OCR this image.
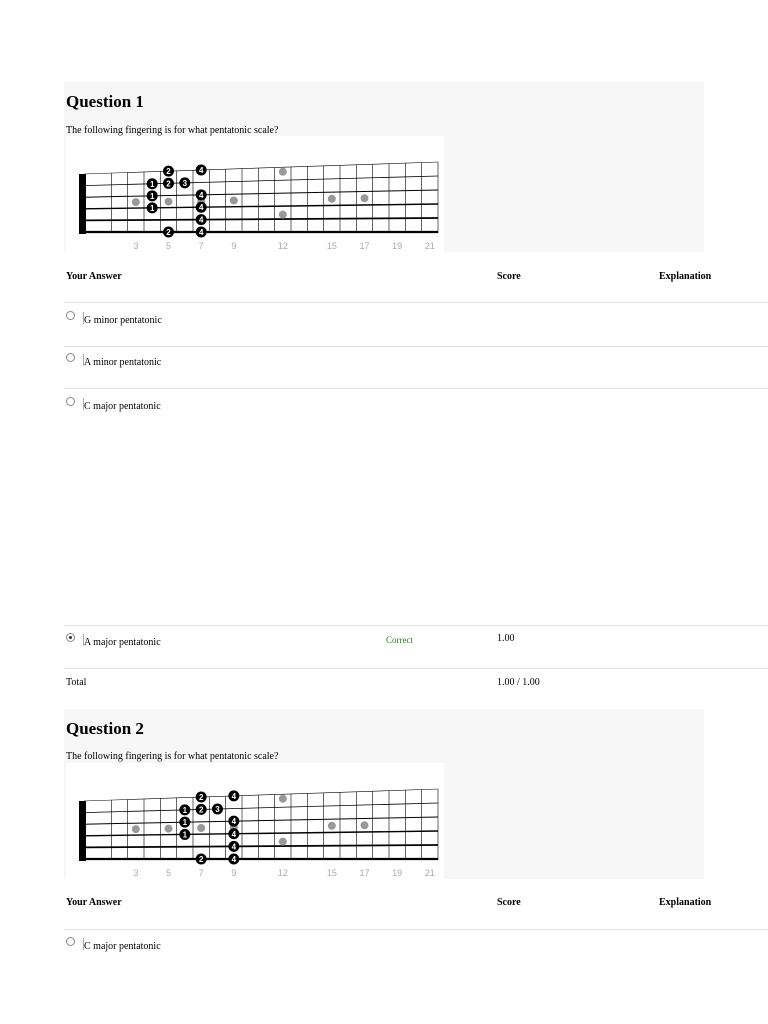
Question 1
The following fingering is for what pentatonic scale?
2	4
1	3
2
1	4
1	4
4
2	4
3	5	7	9	12	15	17	19	21
Your Answer	Score	Explanation
G minor pentatonic
A minor pentatonic
C major pentatonic
A major pentatonic	Correct	1.00
Total	1.00 / 1.00
Question 2
The following fingering is for what pentatonic scale?
2	4
1	3
2
1	4
1	4
4
2	4
3	5	7	9	12	15	17	19	21
Your Answer	Score	Explanation
C major pentatonic
